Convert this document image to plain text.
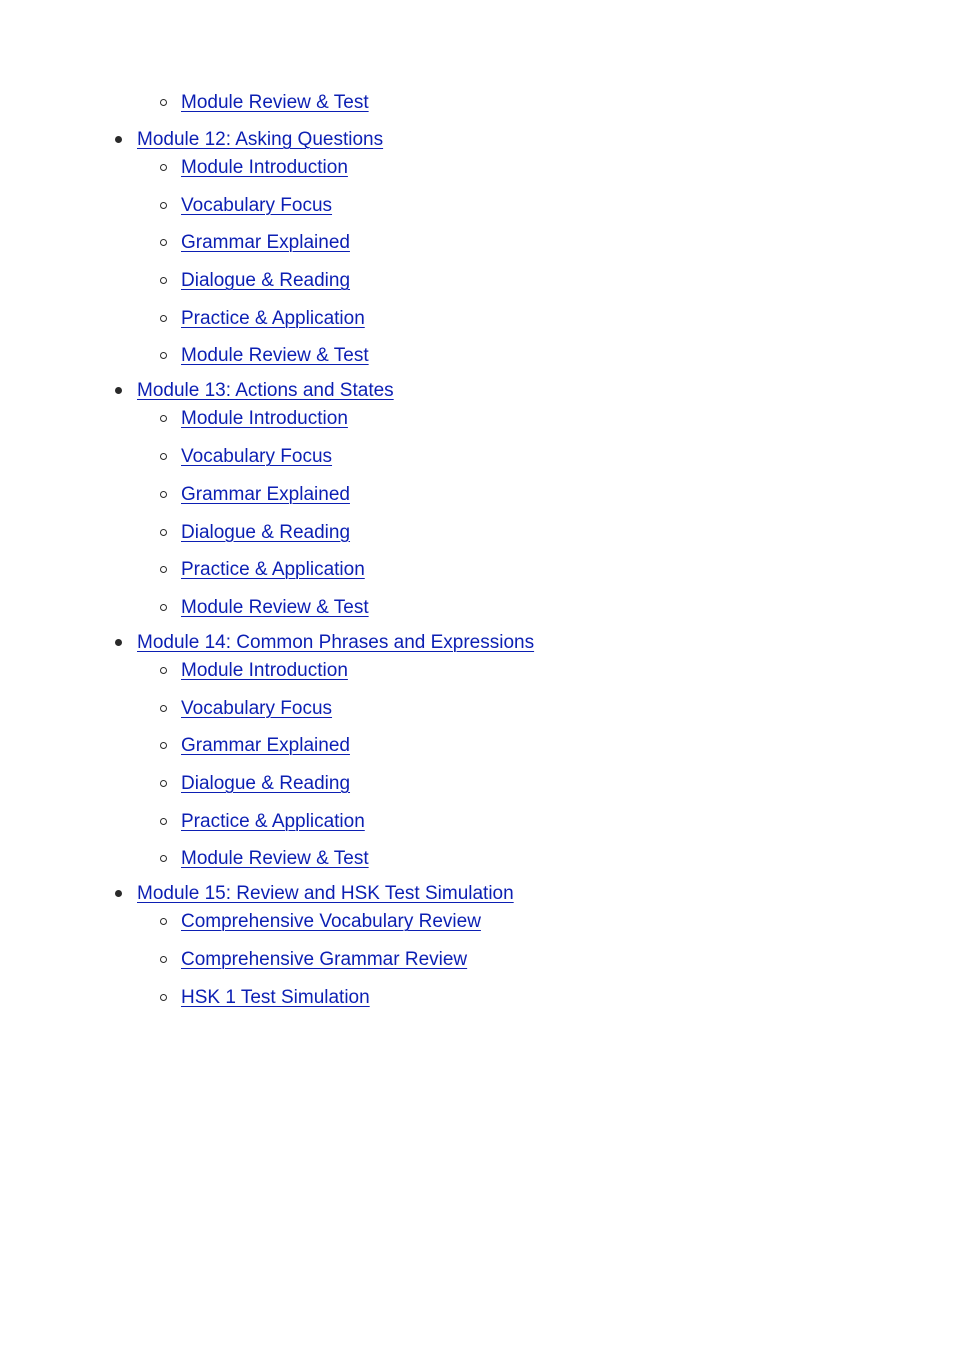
Module Review & Test
Module 12: Asking Questions
Module Introduction
Vocabulary Focus
Grammar Explained
Dialogue & Reading
Practice & Application
Module Review & Test
Module 13: Actions and States
Module Introduction
Vocabulary Focus
Grammar Explained
Dialogue & Reading
Practice & Application
Module Review & Test
Module 14: Common Phrases and Expressions
Module Introduction
Vocabulary Focus
Grammar Explained
Dialogue & Reading
Practice & Application
Module Review & Test
Module 15: Review and HSK Test Simulation
Comprehensive Vocabulary Review
Comprehensive Grammar Review
HSK 1 Test Simulation
